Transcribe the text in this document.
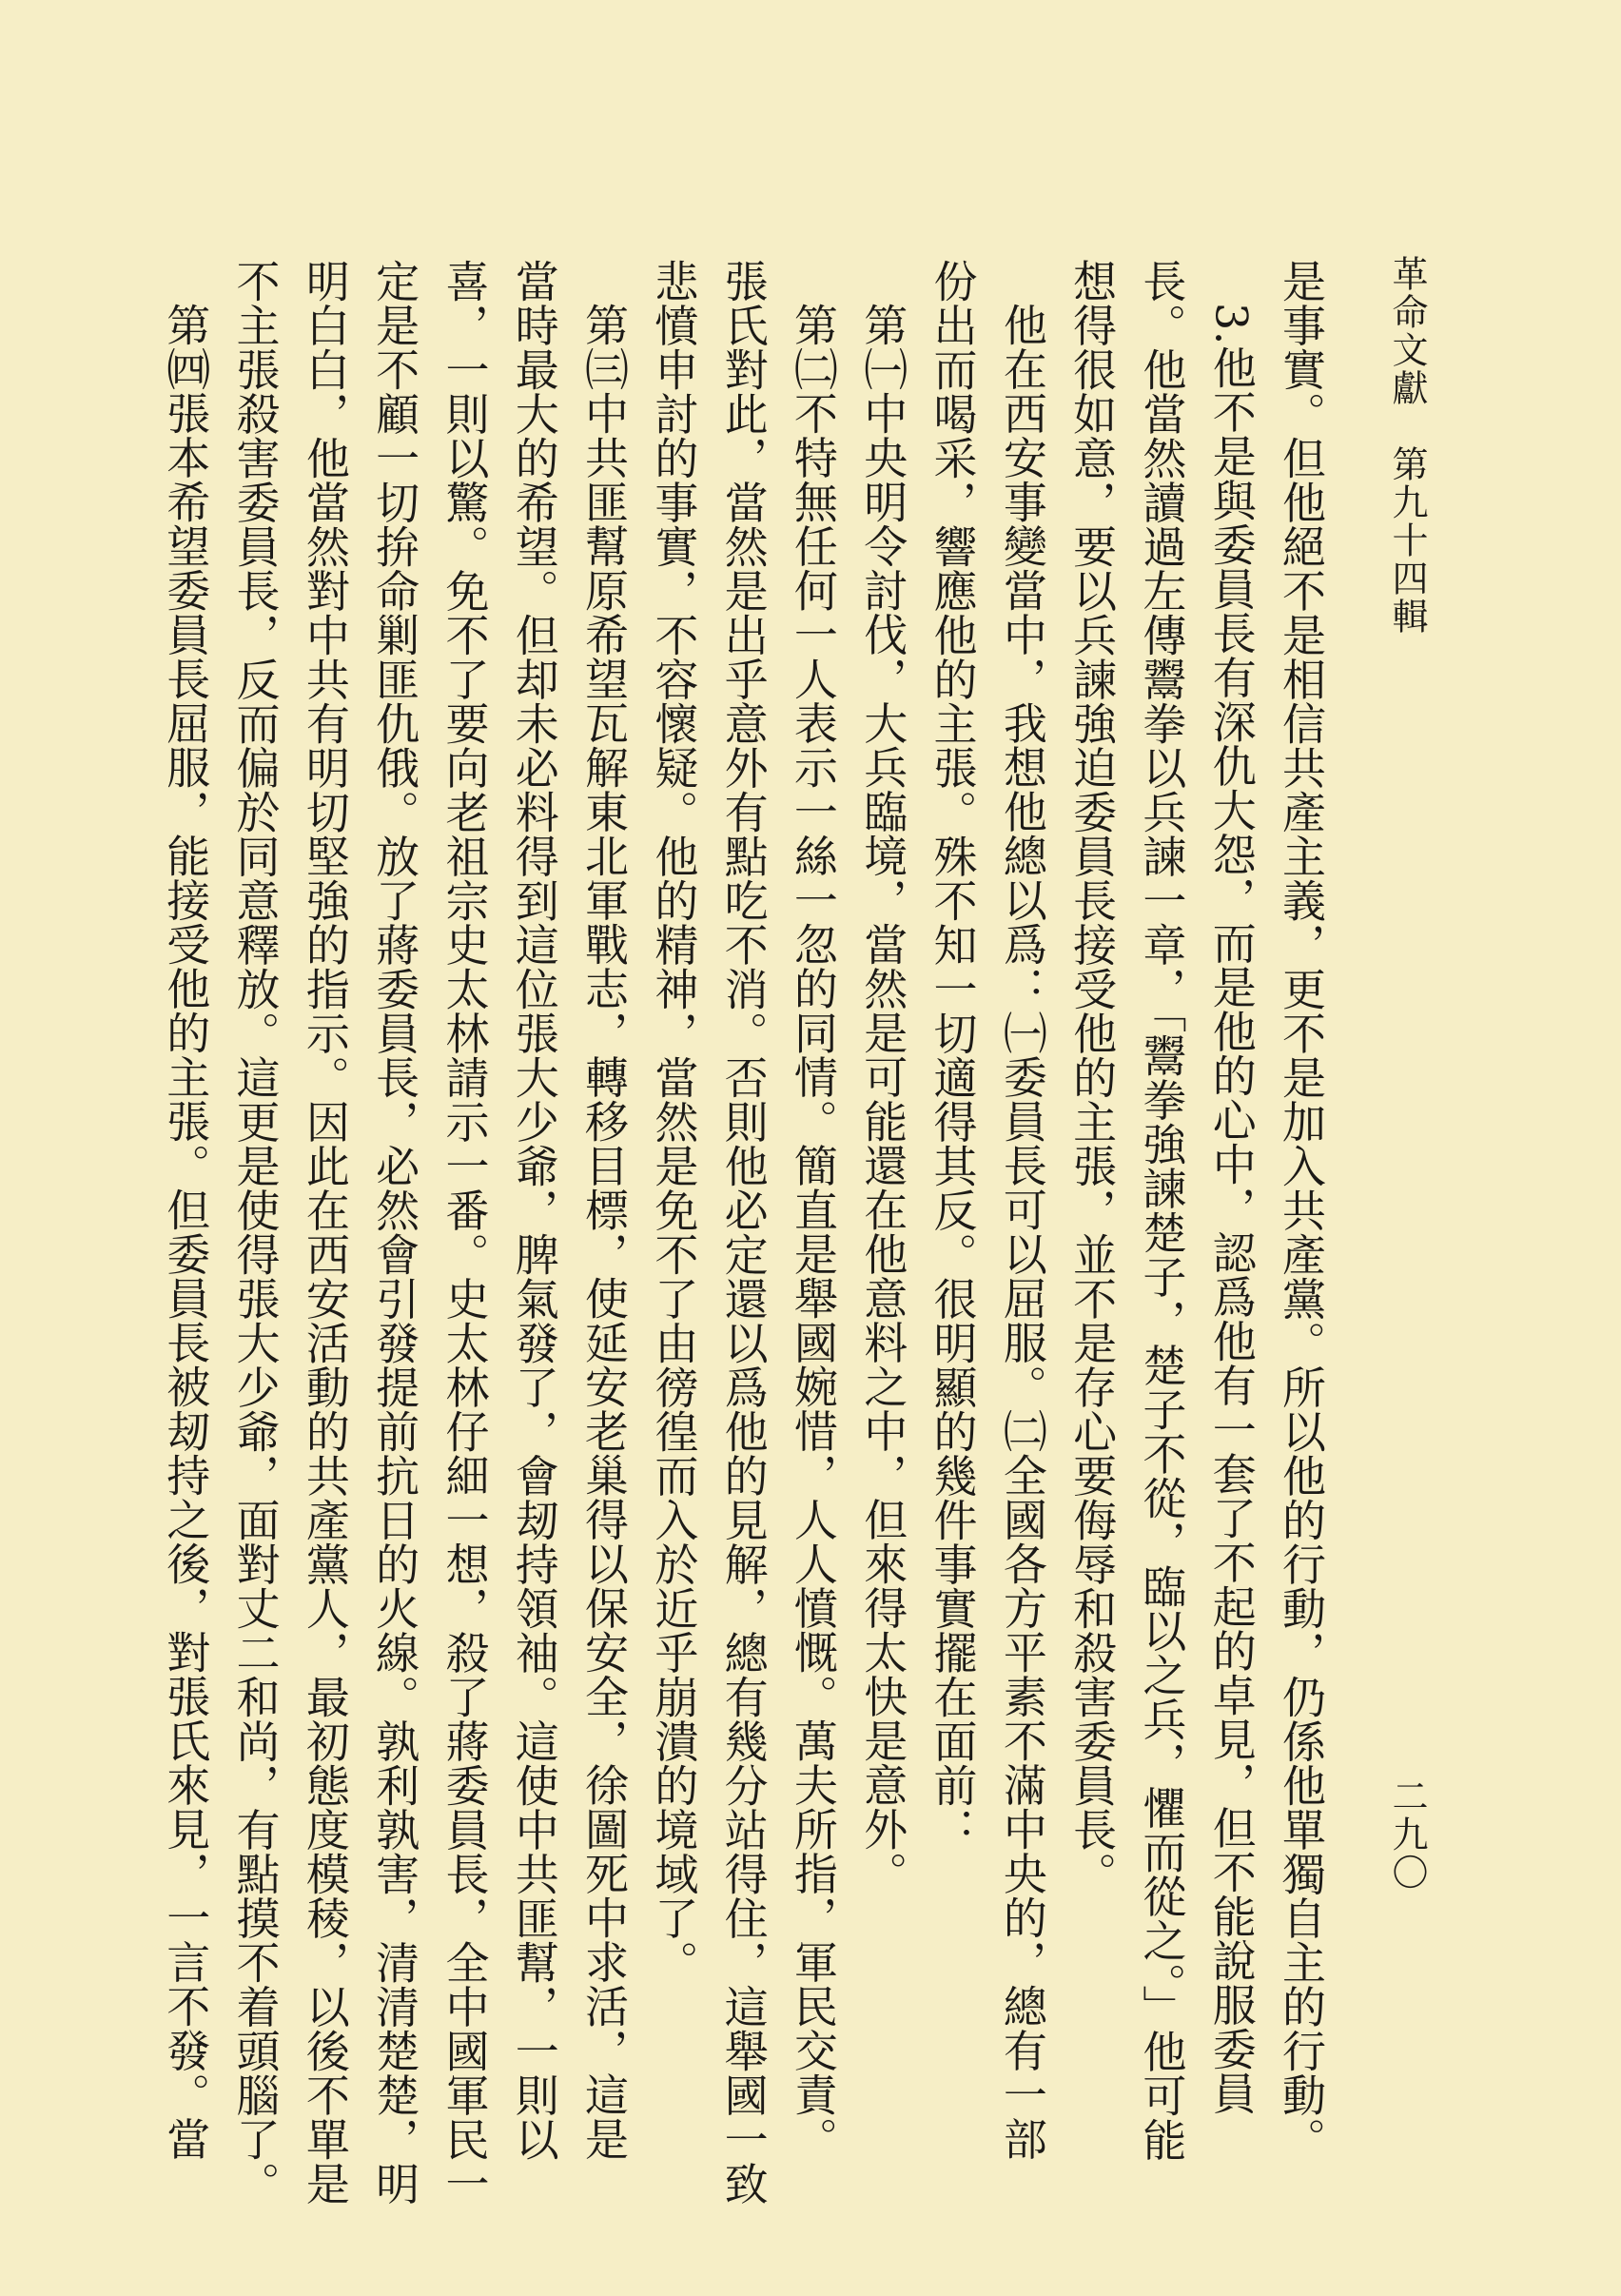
革命文獻　第九十四輯
二九〇
是事實。但他絕不是相信共產主義，更不是加入共產黨。所以他的行動，仍係他單獨自主的行動。
3.他不是與委員長有深仇大怨，而是他的心中，認爲他有一套了不起的卓見，但不能說服委員
長。他當然讀過左傳鬻拳以兵諫一章，「鬻拳強諫楚子，楚子不從，臨以之兵，懼而從之。」他可能
想得很如意，要以兵諫強迫委員長接受他的主張，並不是存心要侮辱和殺害委員長。
他在西安事變當中，我想他總以爲：㈠委員長可以屈服。㈡全國各方平素不滿中央的，總有一部
份出而喝采，響應他的主張。殊不知一切適得其反。很明顯的幾件事實擺在面前：
第㈠中央明令討伐，大兵臨境，當然是可能還在他意料之中，但來得太快是意外。
第㈡不特無任何一人表示一絲一忽的同情。簡直是舉國婉惜，人人憤慨。萬夫所指，軍民交責。
張氏對此，當然是出乎意外有點吃不消。否則他必定還以爲他的見解，總有幾分站得住，這舉國一致
悲憤申討的事實，不容懷疑。他的精神，當然是免不了由徬徨而入於近乎崩潰的境域了。
第㈢中共匪幫原希望瓦解東北軍戰志，轉移目標，使延安老巢得以保安全，徐圖死中求活，這是
當時最大的希望。但却未必料得到這位張大少爺，脾氣發了，會刼持領袖。這使中共匪幫，一則以
喜，一則以驚。免不了要向老祖宗史太林請示一番。史太林仔細一想，殺了蔣委員長，全中國軍民一
定是不顧一切拚命剿匪仇俄。放了蔣委員長，必然會引發提前抗日的火線。孰利孰害，清清楚楚，明
明白白，他當然對中共有明切堅強的指示。因此在西安活動的共產黨人，最初態度模稜，以後不單是
不主張殺害委員長，反而偏於同意釋放。這更是使得張大少爺，面對丈二和尚，有點摸不着頭腦了。
第㈣張本希望委員長屈服，能接受他的主張。但委員長被刼持之後，對張氏來見，一言不發。當
